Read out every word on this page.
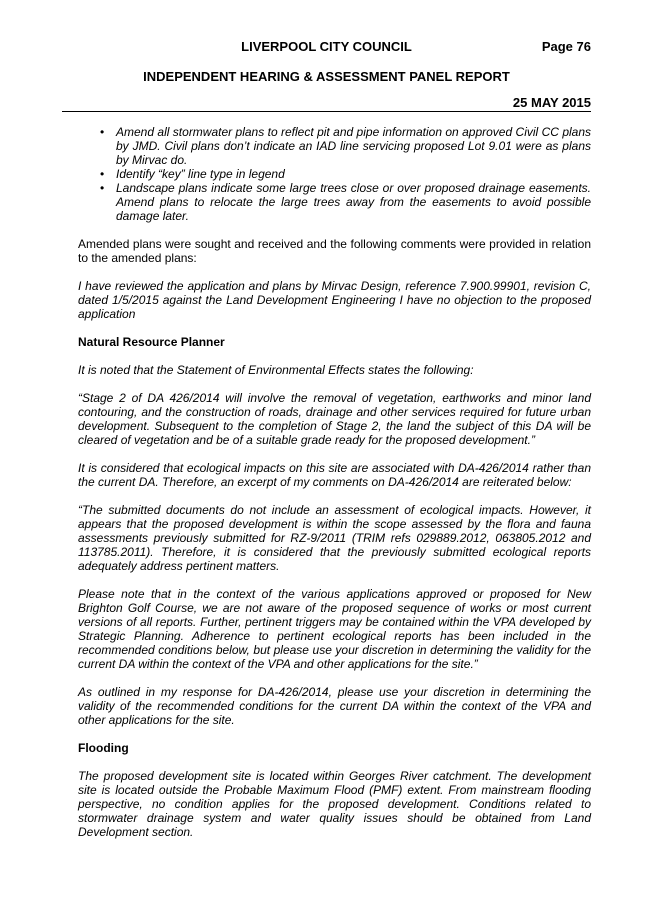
LIVERPOOL CITY COUNCIL	Page 76
INDEPENDENT HEARING & ASSESSMENT PANEL REPORT
25 MAY 2015
• Amend all stormwater plans to reflect pit and pipe information on approved Civil CC plans by JMD. Civil plans don’t indicate an IAD line servicing proposed Lot 9.01 were as plans by Mirvac do.
• Identify “key” line type in legend
• Landscape plans indicate some large trees close or over proposed drainage easements. Amend plans to relocate the large trees away from the easements to avoid possible damage later.

Amended plans were sought and received and the following comments were provided in relation to the amended plans:

I have reviewed the application and plans by Mirvac Design, reference 7.900.99901, revision C, dated 1/5/2015 against the Land Development Engineering I have no objection to the proposed application

Natural Resource Planner

It is noted that the Statement of Environmental Effects states the following:

“Stage 2 of DA 426/2014 will involve the removal of vegetation, earthworks and minor land contouring, and the construction of roads, drainage and other services required for future urban development. Subsequent to the completion of Stage 2, the land the subject of this DA will be cleared of vegetation and be of a suitable grade ready for the proposed development.”

It is considered that ecological impacts on this site are associated with DA-426/2014 rather than the current DA. Therefore, an excerpt of my comments on DA-426/2014 are reiterated below:

“The submitted documents do not include an assessment of ecological impacts. However, it appears that the proposed development is within the scope assessed by the flora and fauna assessments previously submitted for RZ-9/2011 (TRIM refs 029889.2012, 063805.2012 and 113785.2011). Therefore, it is considered that the previously submitted ecological reports adequately address pertinent matters.

Please note that in the context of the various applications approved or proposed for New Brighton Golf Course, we are not aware of the proposed sequence of works or most current versions of all reports. Further, pertinent triggers may be contained within the VPA developed by Strategic Planning. Adherence to pertinent ecological reports has been included in the recommended conditions below, but please use your discretion in determining the validity for the current DA within the context of the VPA and other applications for the site.”

As outlined in my response for DA-426/2014, please use your discretion in determining the validity of the recommended conditions for the current DA within the context of the VPA and other applications for the site.

Flooding

The proposed development site is located within Georges River catchment. The development site is located outside the Probable Maximum Flood (PMF) extent. From mainstream flooding perspective, no condition applies for the proposed development. Conditions related to stormwater drainage system and water quality issues should be obtained from Land Development section.
